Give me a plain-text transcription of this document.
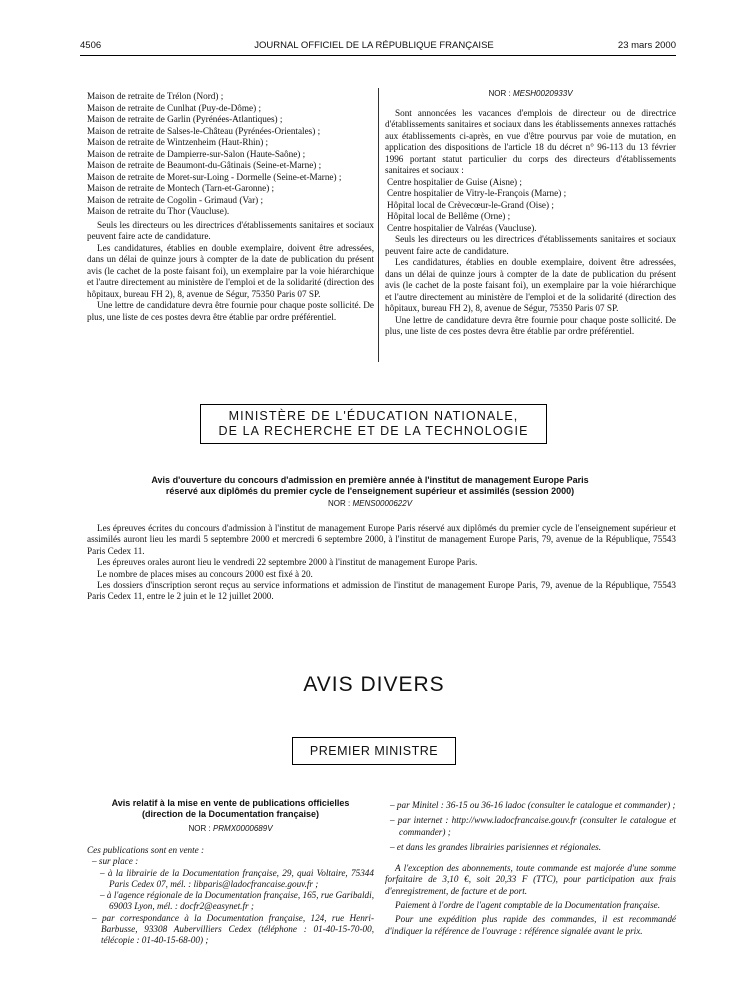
4506	JOURNAL OFFICIEL DE LA RÉPUBLIQUE FRANÇAISE	23 mars 2000

Maison de retraite de Trélon (Nord) ;

Maison de retraite de Cunlhat (Puy-de-Dôme) ;

Maison de retraite de Garlin (Pyrénées-Atlantiques) ;

Maison de retraite de Salses-le-Château (Pyrénées-Orientales) ;

Maison de retraite de Wintzenheim (Haut-Rhin) ;

Maison de retraite de Dampierre-sur-Salon (Haute-Saône) ;

Maison de retraite de Beaumont-du-Gâtinais (Seine-et-Marne) ;

Maison de retraite de Moret-sur-Loing - Dormelle (Seine-et-Marne) ;

Maison de retraite de Montech (Tarn-et-Garonne) ;

Maison de retraite de Cogolin - Grimaud (Var) ;

Maison de retraite du Thor (Vaucluse).

Seuls les directeurs ou les directrices d'établissements sanitaires et sociaux peuvent faire acte de candidature.

Les candidatures, établies en double exemplaire, doivent être adressées, dans un délai de quinze jours à compter de la date de publication du présent avis (le cachet de la poste faisant foi), un exemplaire par la voie hiérarchique et l'autre directement au ministère de l'emploi et de la solidarité (direction des hôpitaux, bureau FH 2), 8, avenue de Ségur, 75350 Paris 07 SP.

Une lettre de candidature devra être fournie pour chaque poste sollicité. De plus, une liste de ces postes devra être établie par ordre préférentiel.

NOR : MESH0020933V

Sont annoncées les vacances d'emplois de directeur ou de directrice d'établissements sanitaires et sociaux dans les établissements annexes rattachés aux établissements ci-après, en vue d'être pourvus par voie de mutation, en application des dispositions de l'article 18 du décret n° 96-113 du 13 février 1996 portant statut particulier du corps des directeurs d'établissements sanitaires et sociaux :

Centre hospitalier de Guise (Aisne) ;

Centre hospitalier de Vitry-le-François (Marne) ;

Hôpital local de Crèvecœur-le-Grand (Oise) ;

Hôpital local de Bellême (Orne) ;

Centre hospitalier de Valréas (Vaucluse).

Seuls les directeurs ou les directrices d'établissements sanitaires et sociaux peuvent faire acte de candidature.

Les candidatures, établies en double exemplaire, doivent être adressées, dans un délai de quinze jours à compter de la date de publication du présent avis (le cachet de la poste faisant foi), un exemplaire par la voie hiérarchique et l'autre directement au ministère de l'emploi et de la solidarité (direction des hôpitaux, bureau FH 2), 8, avenue de Ségur, 75350 Paris 07 SP.

Une lettre de candidature devra être fournie pour chaque poste sollicité. De plus, une liste de ces postes devra être établie par ordre préférentiel.

MINISTÈRE DE L'ÉDUCATION NATIONALE,
DE LA RECHERCHE ET DE LA TECHNOLOGIE
Avis d'ouverture du concours d'admission en première année à l'institut de management Europe Paris
réservé aux diplômés du premier cycle de l'enseignement supérieur et assimilés (session 2000)
NOR : MENS0000622V

Les épreuves écrites du concours d'admission à l'institut de management Europe Paris réservé aux diplômés du premier cycle de l'enseignement supérieur et assimilés auront lieu les mardi 5 septembre 2000 et mercredi 6 septembre 2000, à l'institut de management Europe Paris, 79, avenue de la République, 75543 Paris Cedex 11.

Les épreuves orales auront lieu le vendredi 22 septembre 2000 à l'institut de management Europe Paris.

Le nombre de places mises au concours 2000 est fixé à 20.

Les dossiers d'inscription seront reçus au service informations et admission de l'institut de management Europe Paris, 79, avenue de la République, 75543 Paris Cedex 11, entre le 2 juin et le 12 juillet 2000.

AVIS DIVERS
PREMIER MINISTRE
Avis relatif à la mise en vente de publications officielles
(direction de la Documentation française)
NOR : PRMX0000689V

Ces publications sont en vente :

– sur place :

– à la librairie de la Documentation française, 29, quai Voltaire, 75344 Paris Cedex 07, mél. : libparis@ladocfrancaise.gouv.fr ;

– à l'agence régionale de la Documentation française, 165, rue Garibaldi, 69003 Lyon, mél. : docfr2@easynet.fr ;

– par correspondance à la Documentation française, 124, rue Henri-Barbusse, 93308 Aubervilliers Cedex (téléphone : 01-40-15-70-00, télécopie : 01-40-15-68-00) ;

– par Minitel : 36-15 ou 36-16 ladoc (consulter le catalogue et commander) ;

– par internet : http://www.ladocfrancaise.gouv.fr (consulter le catalogue et commander) ;

– et dans les grandes librairies parisiennes et régionales.

A l'exception des abonnements, toute commande est majorée d'une somme forfaitaire de 3,10 €, soit 20,33 F (TTC), pour participation aux frais d'enregistrement, de facture et de port.

Paiement à l'ordre de l'agent comptable de la Documentation française.

Pour une expédition plus rapide des commandes, il est recommandé d'indiquer la référence de l'ouvrage : référence signalée avant le prix.
